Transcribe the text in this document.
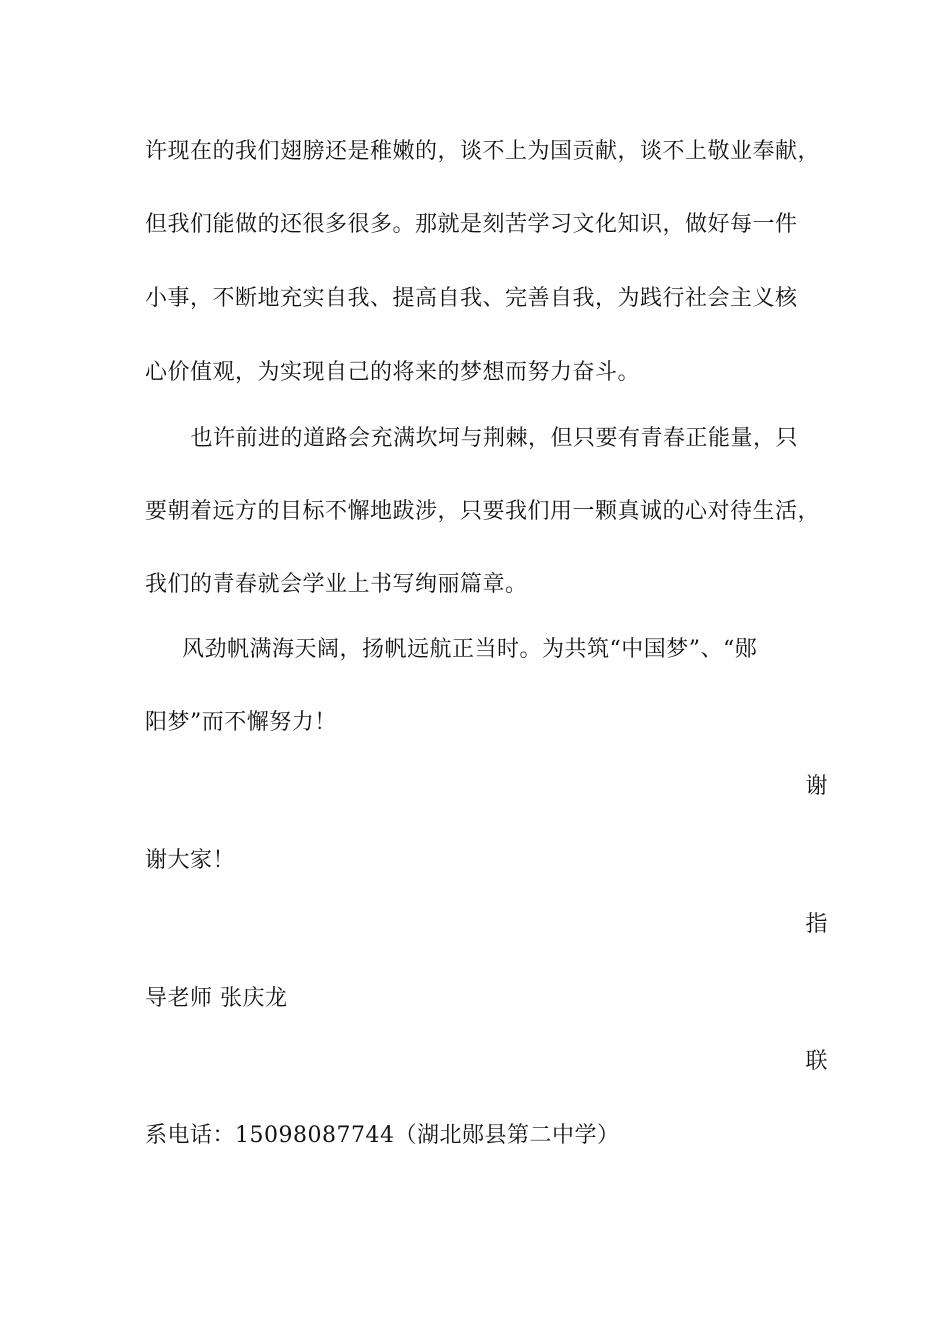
许现在的我们翅膀还是稚嫩的，谈不上为国贡献，谈不上敬业奉献，
但我们能做的还很多很多。那就是刻苦学习文化知识，做好每一件
小事，不断地充实自我、提高自我、完善自我，为践行社会主义核
心价值观，为实现自己的将来的梦想而努力奋斗。
　也许前进的道路会充满坎坷与荆棘，但只要有青春正能量，只
要朝着远方的目标不懈地跋涉，只要我们用一颗真诚的心对待生活，
我们的青春就会学业上书写绚丽篇章。
风劲帆满海天阔，扬帆远航正当时。为共筑“中国梦”、“郧
阳梦”而不懈努力！
谢
谢大家！
指
导老师 张庆龙
联
系电话：15098087744（湖北郧县第二中学）
